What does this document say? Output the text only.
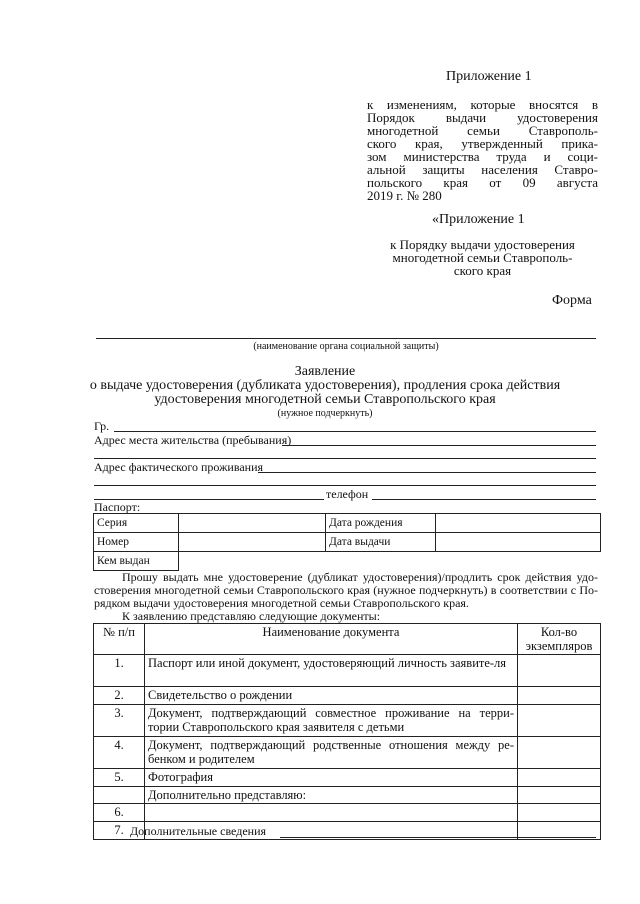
Приложение 1
к изменениям, которые вносятся в
Порядок выдачи удостоверения
многодетной семьи Ставрополь-
ского края, утвержденный прика-
зом министерства труда и соци-
альной защиты населения Ставро-
польского края от 09 августа
2019 г. № 280
«Приложение 1
к Порядку выдачи удостоверения
многодетной семьи Ставрополь-
ского края
Форма
(наименование органа социальной защиты)
Заявление
о выдаче удостоверения (дубликата удостоверения), продления срока действия
удостоверения многодетной семьи Ставропольского края
(нужное подчеркнуть)
Гр.
Адрес места жительства (пребывания)
Адрес фактического проживания
телефон
Паспорт:
Серия		Дата рождения	
Номер		Дата выдачи	
Кем выдан			
Прошу выдать мне удостоверение (дубликат удостоверения)/продлить срок действия удо-
стоверения многодетной семьи Ставропольского края (нужное подчеркнуть) в соответствии с По-
рядком выдачи удостоверения многодетной семьи Ставропольского края.
К заявлению представляю следующие документы:
№ п/п	Наименование документа	Кол-во
экземпляров

1.	Паспорт или иной документ, удостоверяющий личность заявите-ля	
2.	Свидетельство о рождении	
3.	Документ, подтверждающий совместное проживание на терри-тории Ставропольского края заявителя с детьми	
4.	Документ, подтверждающий родственные отношения между ре-бенком и родителем	
5.	Фотография	
	Дополнительно представляю:	
6.		
7.		Дополнительные сведения
